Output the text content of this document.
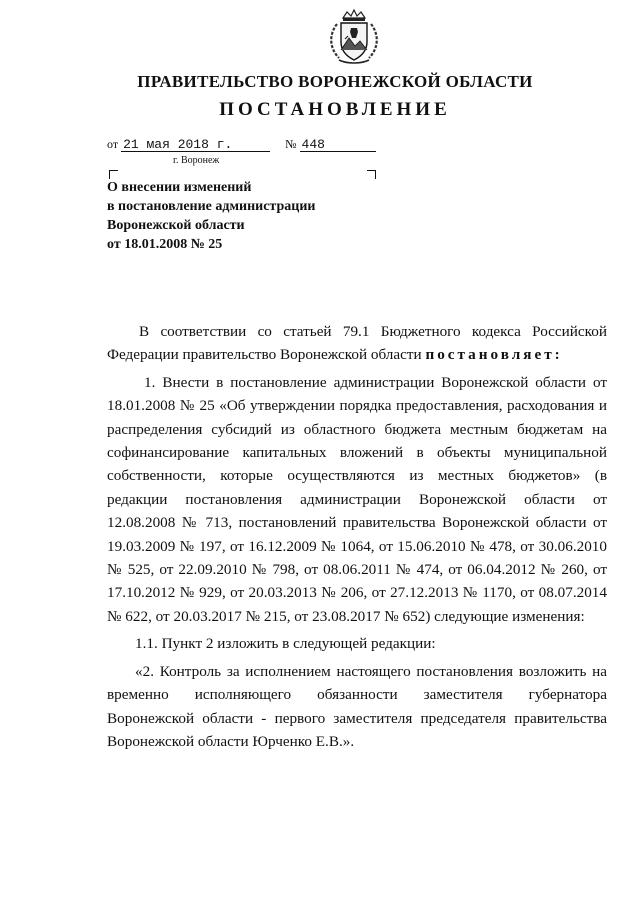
ПРАВИТЕЛЬСТВО ВОРОНЕЖСКОЙ ОБЛАСТИ
ПОСТАНОВЛЕНИЕ
от 21 мая 2018 г.	№ 448
г. Воронеж
О внесении изменений
в постановление администрации
Воронежской области
от 18.01.2008 № 25

В соответствии со статьей 79.1 Бюджетного кодекса Российской Федерации правительство Воронежской области постановляет:

1. Внести в постановление администрации Воронежской области от 18.01.2008 № 25 «Об утверждении порядка предоставления, расходования и распределения субсидий из областного бюджета местным бюджетам на софинансирование капитальных вложений в объекты муниципальной собственности, которые осуществляются из местных бюджетов» (в редакции постановления администрации Воронежской области от 12.08.2008 № 713, постановлений правительства Воронежской области от 19.03.2009 № 197, от 16.12.2009 № 1064, от 15.06.2010 № 478, от 30.06.2010 № 525, от 22.09.2010 № 798, от 08.06.2011 № 474, от 06.04.2012 № 260, от 17.10.2012 № 929, от 20.03.2013 № 206, от 27.12.2013 № 1170, от 08.07.2014 № 622, от 20.03.2017 № 215, от 23.08.2017 № 652) следующие изменения:

1.1. Пункт 2 изложить в следующей редакции:

«2. Контроль за исполнением настоящего постановления возложить на временно исполняющего обязанности заместителя губернатора Воронежской области - первого заместителя председателя правительства Воронежской области Юрченко Е.В.».
